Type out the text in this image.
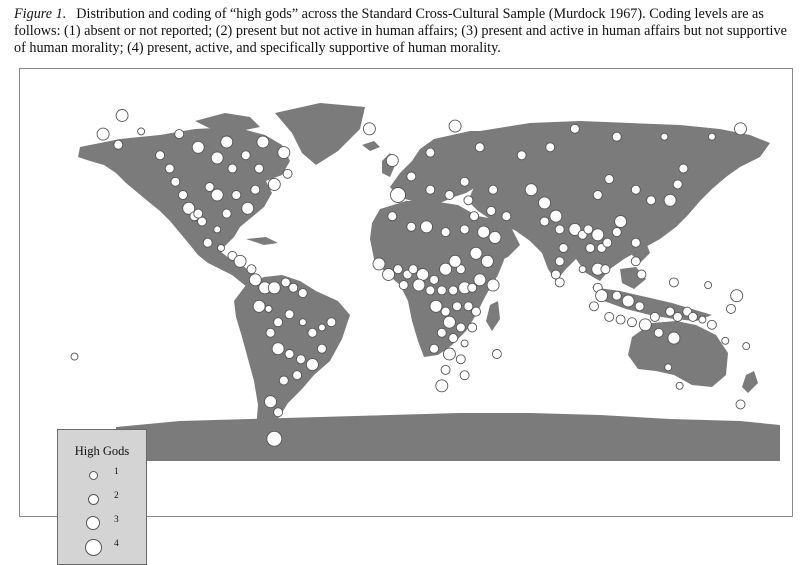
Figure 1. Distribution and coding of “high gods” across the Standard Cross-Cultural Sample (Murdock 1967). Coding levels are as follows: (1) absent or not reported; (2) present but not active in human affairs; (3) present and active in human affairs but not supportive of human morality; (4) present, active, and specifically supportive of human morality.
High Gods
1
2
3
4
